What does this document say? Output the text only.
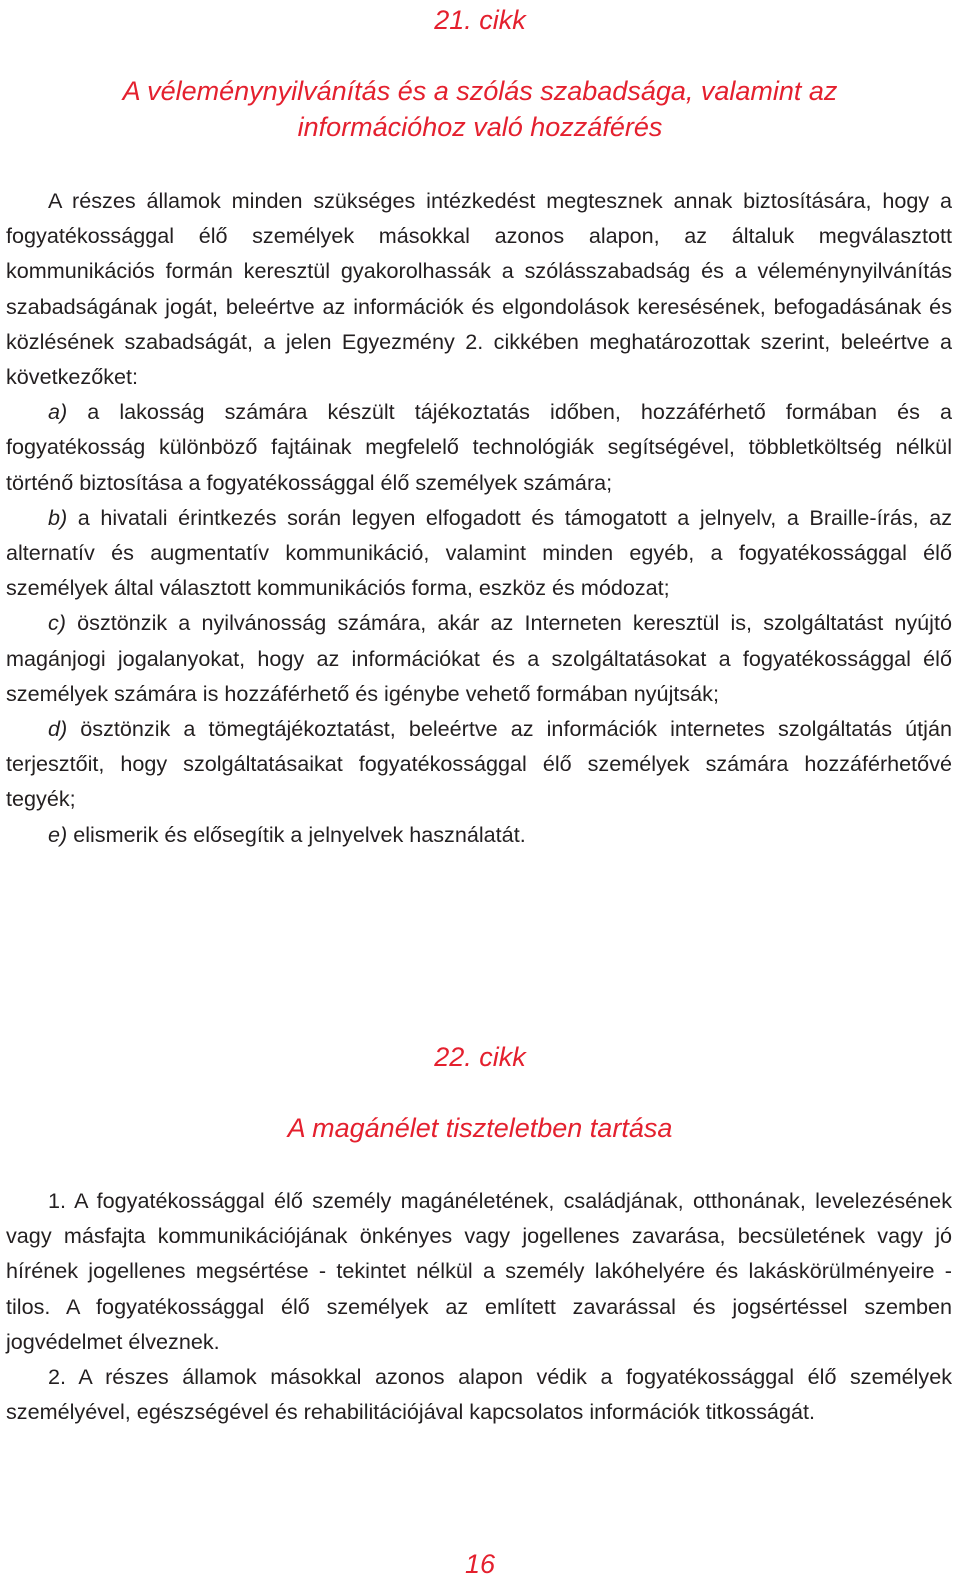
21. cikk
A véleménynyilvánítás és a szólás szabadsága, valamint az
információhoz való hozzáférés

A részes államok minden szükséges intézkedést megtesznek annak biztosítására, hogy a fogyatékossággal élő személyek másokkal azonos alapon, az általuk megválasztott kommunikációs formán keresztül gyakorolhassák a szólásszabadság és a véleménynyilvánítás szabadságának jogát, beleértve az információk és elgondolások keresésének, befogadásának és közlésének szabadságát, a jelen Egyezmény 2. cikkében meghatározottak szerint, beleértve a következőket:

a) a lakosság számára készült tájékoztatás időben, hozzáférhető formában és a fogyatékosság különböző fajtáinak megfelelő technológiák segítségével, többletköltség nélkül történő biztosítása a fogyatékossággal élő személyek számára;

b) a hivatali érintkezés során legyen elfogadott és támogatott a jelnyelv, a Braille-írás, az alternatív és augmentatív kommunikáció, valamint minden egyéb, a fogyatékossággal élő személyek által választott kommunikációs forma, eszköz és módozat;

c) ösztönzik a nyilvánosság számára, akár az Interneten keresztül is, szolgáltatást nyújtó magánjogi jogalanyokat, hogy az információkat és a szolgáltatásokat a fogyatékossággal élő személyek számára is hozzáférhető és igénybe vehető formában nyújtsák;

d) ösztönzik a tömegtájékoztatást, beleértve az információk internetes szolgáltatás útján terjesztőit, hogy szolgáltatásaikat fogyatékossággal élő személyek számára hozzáférhetővé tegyék;

e) elismerik és elősegítik a jelnyelvek használatát.

22. cikk
A magánélet tiszteletben tartása

1. A fogyatékossággal élő személy magánéletének, családjának, otthonának, levelezésének vagy másfajta kommunikációjának önkényes vagy jogellenes zavarása, becsületének vagy jó hírének jogellenes megsértése - tekintet nélkül a személy lakóhelyére és lakáskörülményeire - tilos. A fogyatékossággal élő személyek az említett zavarással és jogsértéssel szemben jogvédelmet élveznek.

2. A részes államok másokkal azonos alapon védik a fogyatékossággal élő személyek személyével, egészségével és rehabilitációjával kapcsolatos információk titkosságát.

16
